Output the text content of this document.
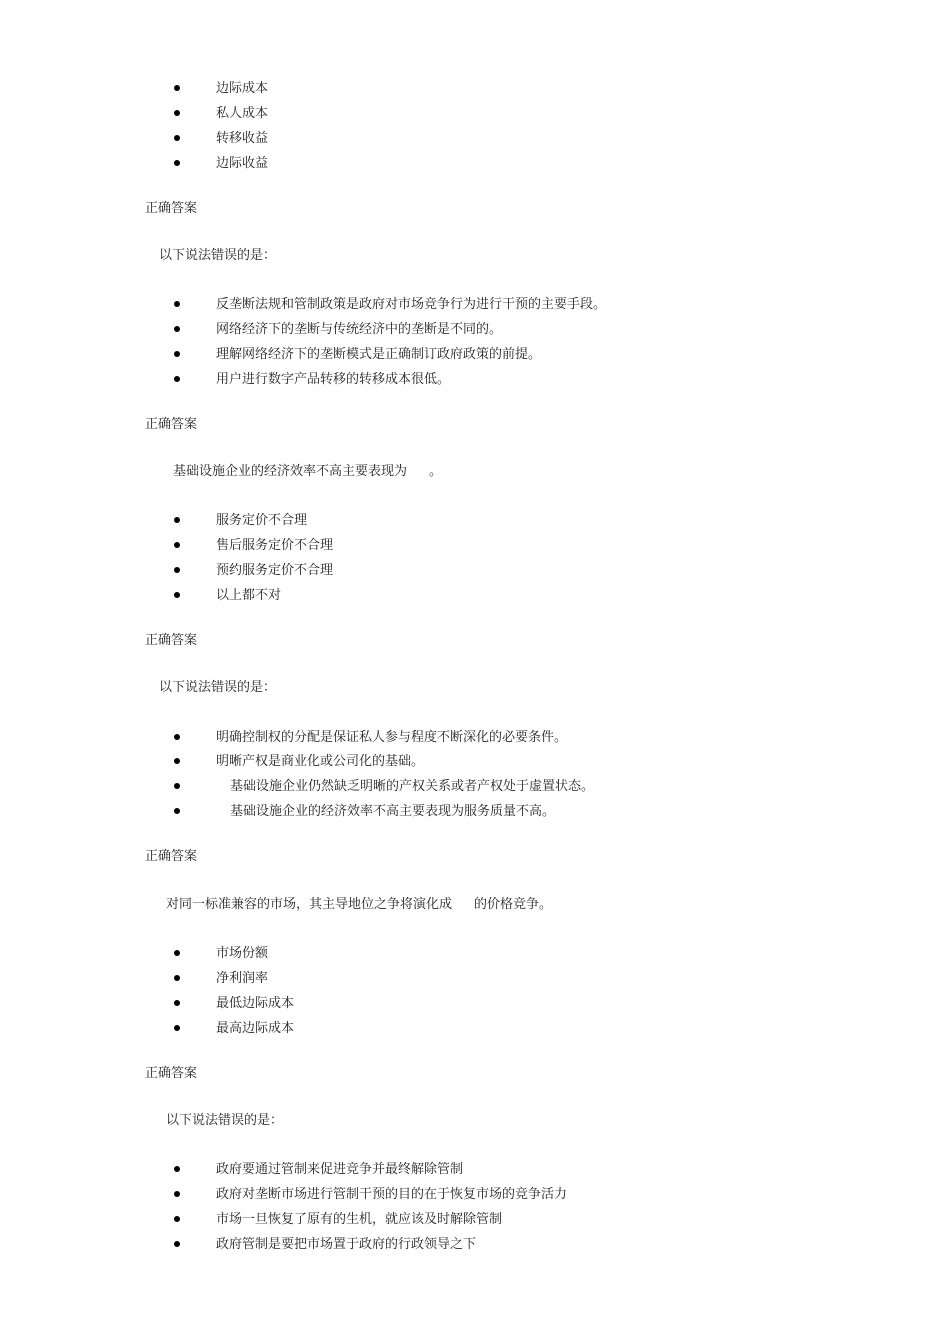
边际成本
私人成本
转移收益
边际收益
正确答案
以下说法错误的是：
反垄断法规和管制政策是政府对市场竞争行为进行干预的主要手段。
网络经济下的垄断与传统经济中的垄断是不同的。
理解网络经济下的垄断模式是正确制订政府政策的前提。
用户进行数字产品转移的转移成本很低。
正确答案
基础设施企业的经济效率不高主要表现为 。
服务定价不合理
售后服务定价不合理
预约服务定价不合理
以上都不对
正确答案
以下说法错误的是：
明确控制权的分配是保证私人参与程度不断深化的必要条件。
明晰产权是商业化或公司化的基础。
基础设施企业仍然缺乏明晰的产权关系或者产权处于虚置状态。
基础设施企业的经济效率不高主要表现为服务质量不高。
正确答案
对同一标准兼容的市场，其主导地位之争将演化成 的价格竞争。
市场份额
净利润率
最低边际成本
最高边际成本
正确答案
以下说法错误的是：
政府要通过管制来促进竞争并最终解除管制
政府对垄断市场进行管制干预的目的在于恢复市场的竞争活力
市场一旦恢复了原有的生机，就应该及时解除管制
政府管制是要把市场置于政府的行政领导之下
